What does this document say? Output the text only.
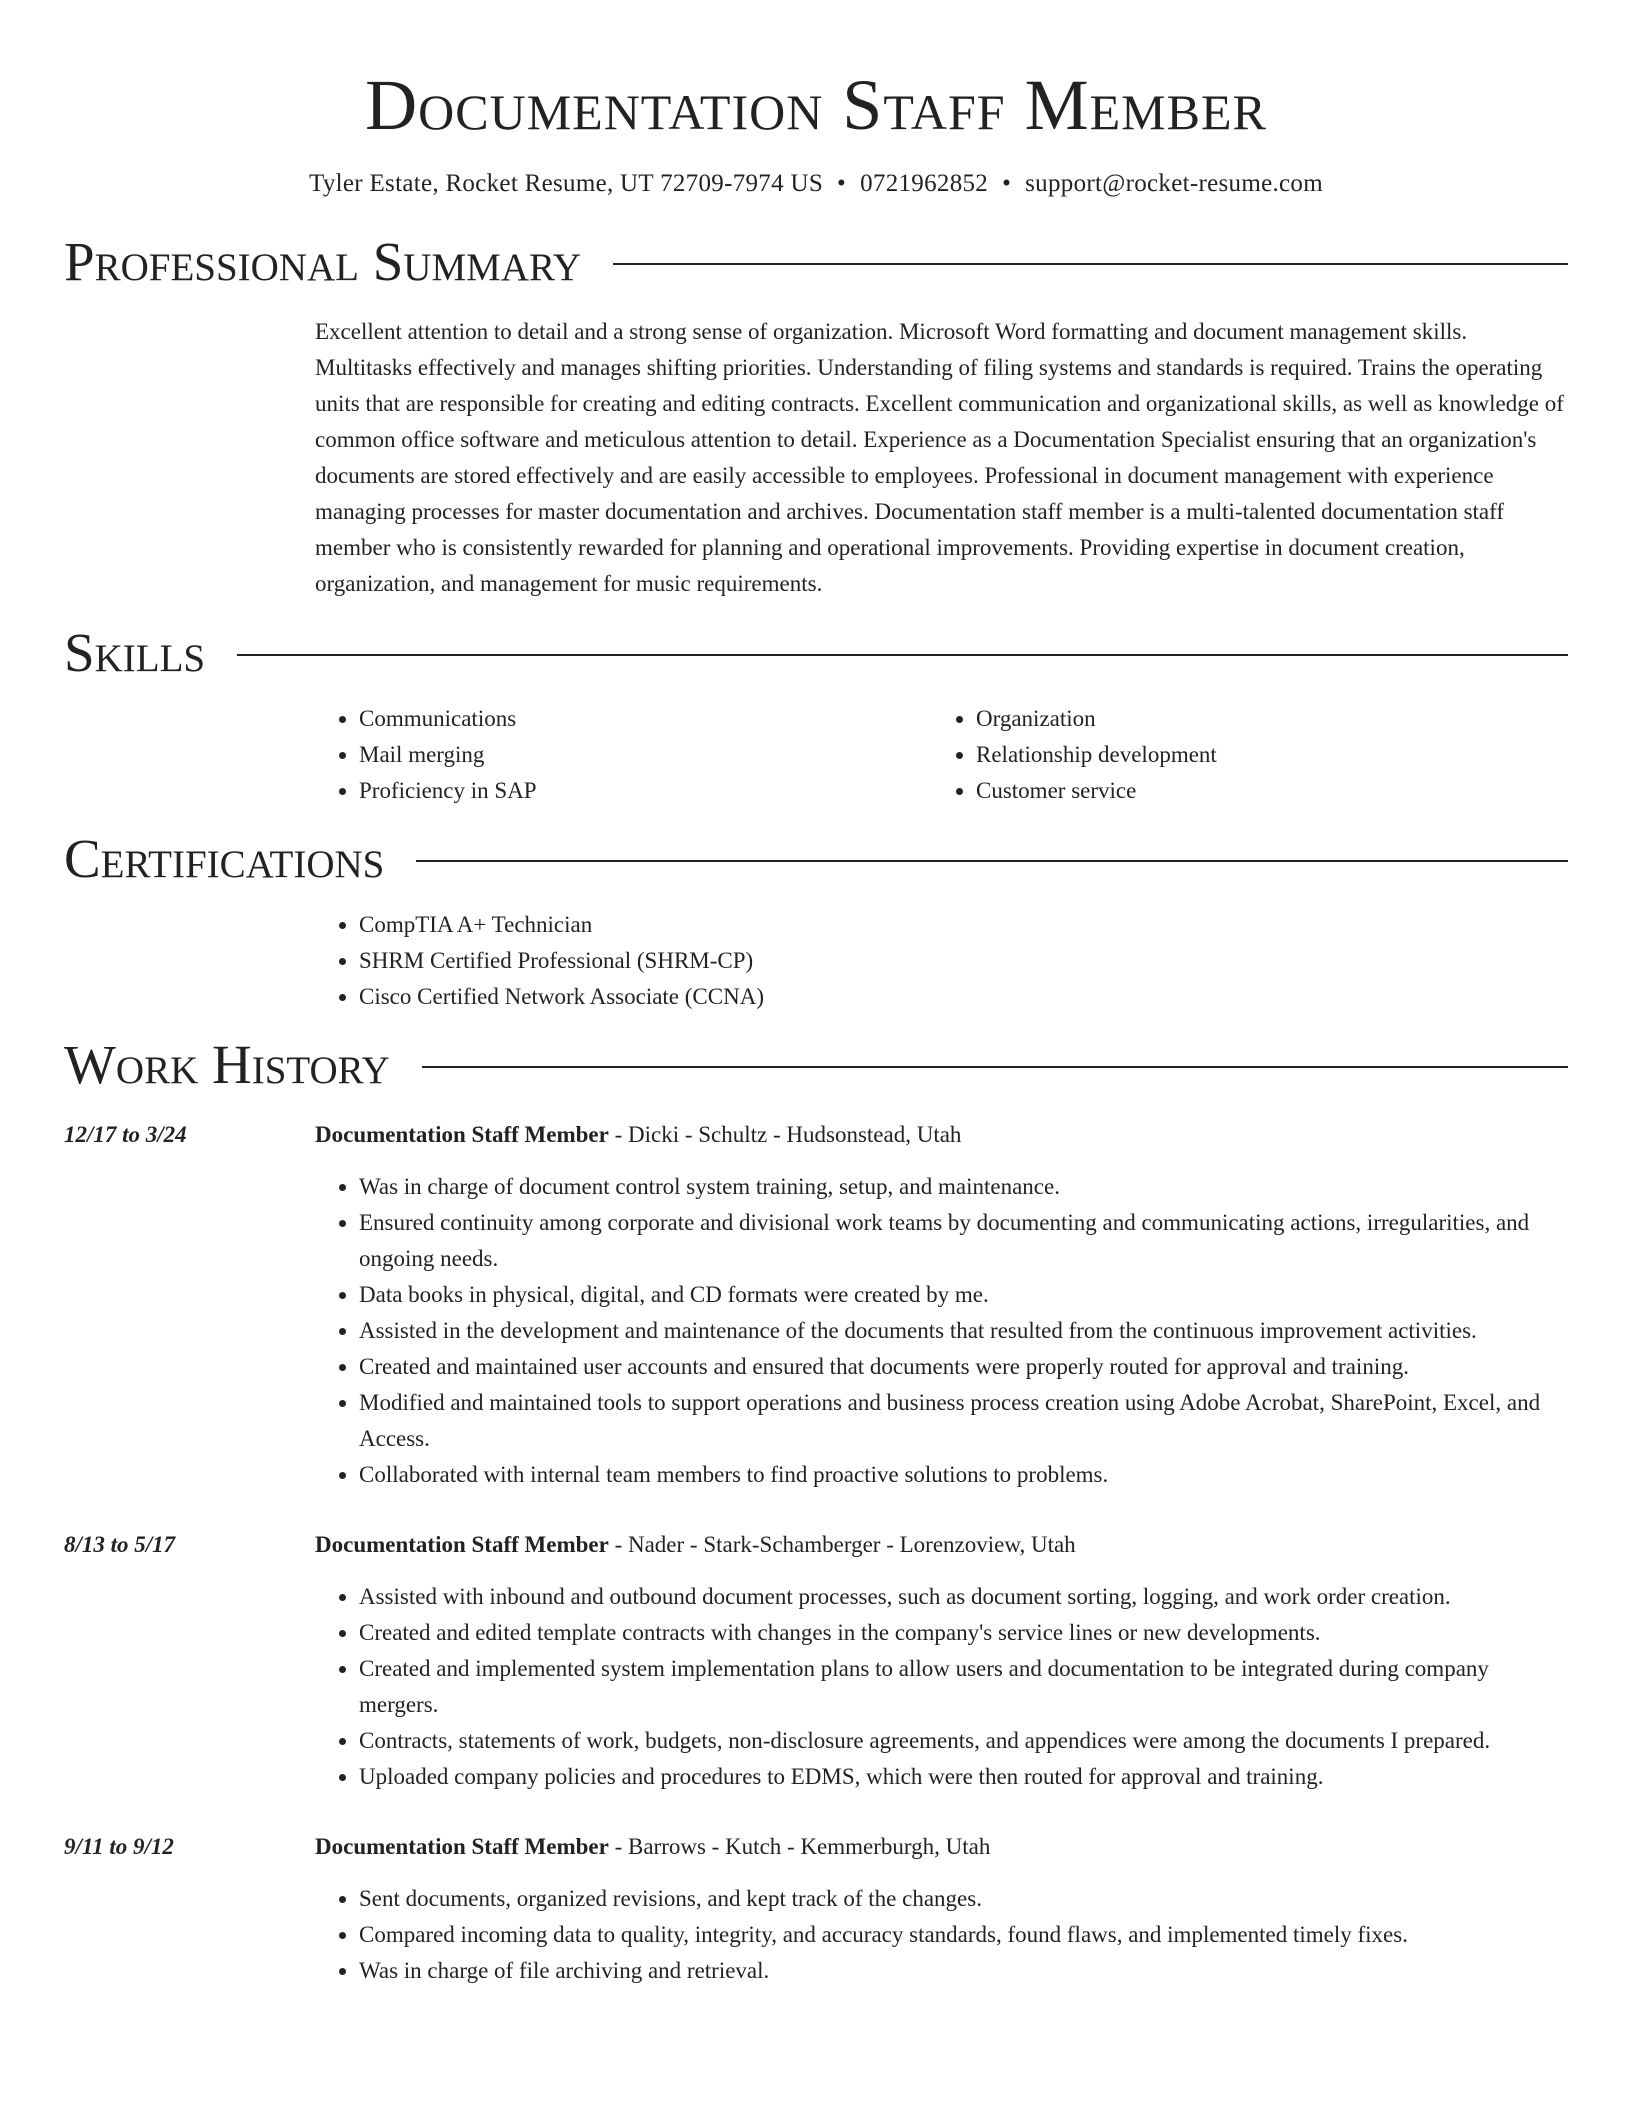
Documentation Staff Member
Tyler Estate, Rocket Resume, UT 72709-7974 US • 0721962852 • support@rocket-resume.com
Professional Summary

Excellent attention to detail and a strong sense of organization. Microsoft Word formatting and document management skills. Multitasks effectively and manages shifting priorities. Understanding of filing systems and standards is required. Trains the operating units that are responsible for creating and editing contracts. Excellent communication and organizational skills, as well as knowledge of common office software and meticulous attention to detail. Experience as a Documentation Specialist ensuring that an organization's documents are stored effectively and are easily accessible to employees. Professional in document management with experience managing processes for master documentation and archives. Documentation staff member is a multi-talented documentation staff member who is consistently rewarded for planning and operational improvements. Providing expertise in document creation, organization, and management for music requirements.

Skills
• Communications
• Mail merging
• Proficiency in SAP
• Organization
• Relationship development
• Customer service
Certifications
• CompTIA A+ Technician
• SHRM Certified Professional (SHRM-CP)
• Cisco Certified Network Associate (CCNA)
Work History
12/17 to 3/24	Documentation Staff Member - Dicki - Schultz - Hudsonstead, Utah
• Was in charge of document control system training, setup, and maintenance.
• Ensured continuity among corporate and divisional work teams by documenting and communicating actions, irregularities, and ongoing needs.
• Data books in physical, digital, and CD formats were created by me.
• Assisted in the development and maintenance of the documents that resulted from the continuous improvement activities.
• Created and maintained user accounts and ensured that documents were properly routed for approval and training.
• Modified and maintained tools to support operations and business process creation using Adobe Acrobat, SharePoint, Excel, and Access.
• Collaborated with internal team members to find proactive solutions to problems.
8/13 to 5/17	Documentation Staff Member - Nader - Stark-Schamberger - Lorenzoview, Utah
• Assisted with inbound and outbound document processes, such as document sorting, logging, and work order creation.
• Created and edited template contracts with changes in the company's service lines or new developments.
• Created and implemented system implementation plans to allow users and documentation to be integrated during company mergers.
• Contracts, statements of work, budgets, non-disclosure agreements, and appendices were among the documents I prepared.
• Uploaded company policies and procedures to EDMS, which were then routed for approval and training.
9/11 to 9/12	Documentation Staff Member - Barrows - Kutch - Kemmerburgh, Utah
• Sent documents, organized revisions, and kept track of the changes.
• Compared incoming data to quality, integrity, and accuracy standards, found flaws, and implemented timely fixes.
• Was in charge of file archiving and retrieval.
